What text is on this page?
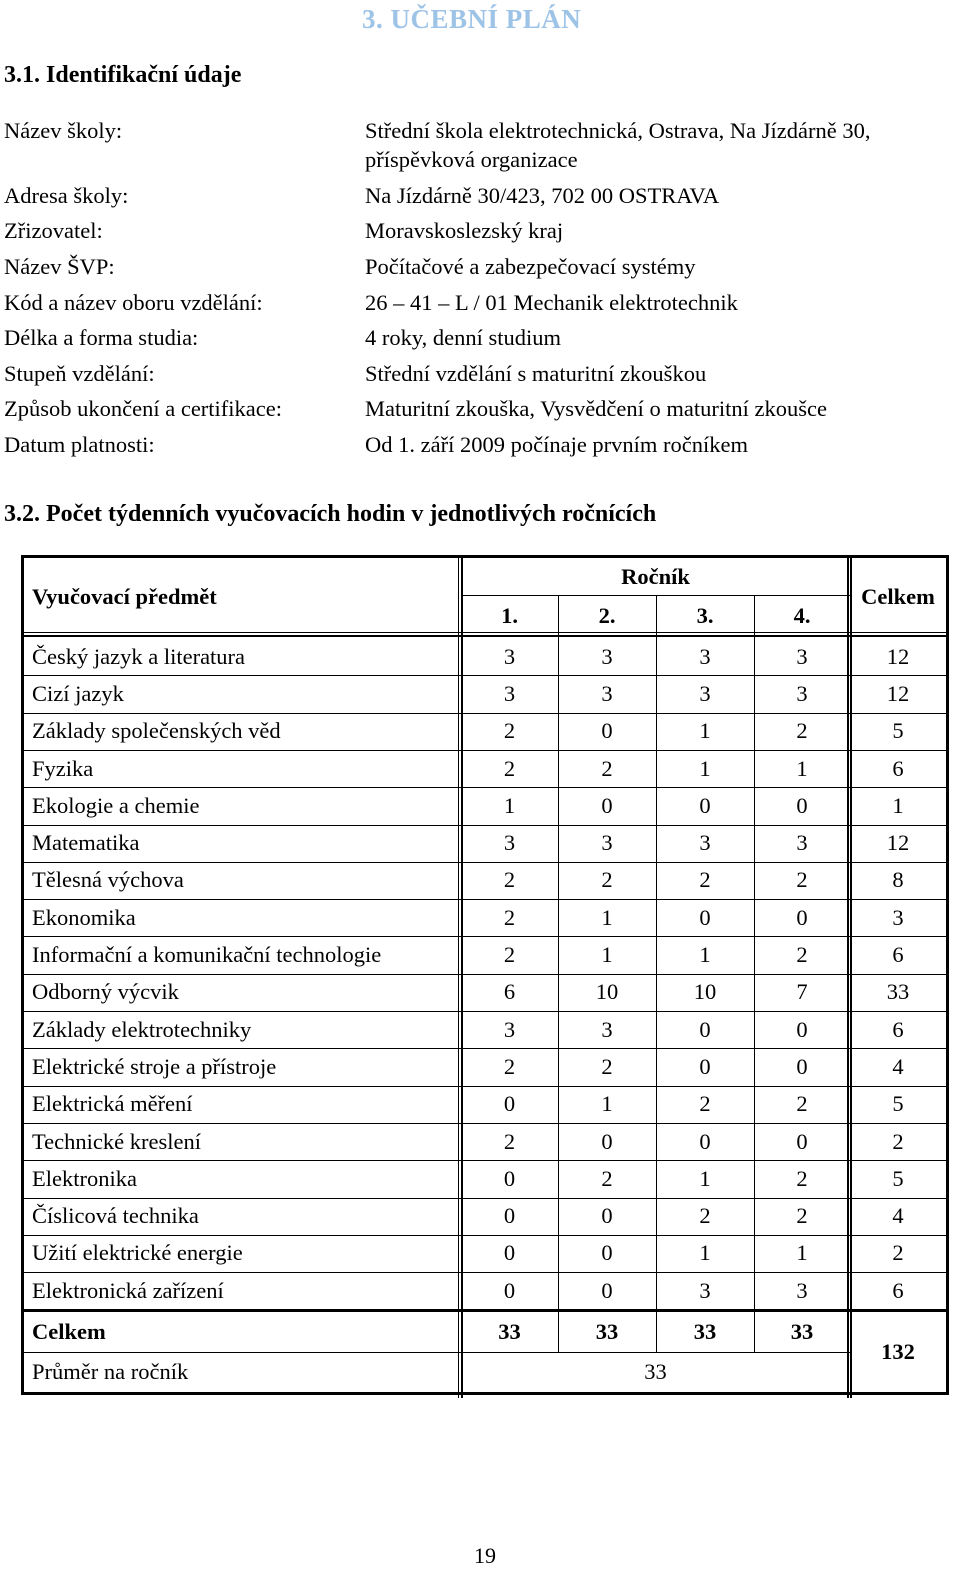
3. UČEBNÍ PLÁN
3.1. Identifikační údaje
Název školy:	Střední škola elektrotechnická, Ostrava, Na Jízdárně 30, příspěvková organizace
Adresa školy:	Na Jízdárně 30/423, 702 00 OSTRAVA
Zřizovatel:	Moravskoslezský kraj
Název ŠVP:	Počítačové a zabezpečovací systémy
Kód a název oboru vzdělání:	26 – 41 – L / 01 Mechanik elektrotechnik
Délka a forma studia:	4 roky, denní studium
Stupeň vzdělání:	Střední vzdělání s maturitní zkouškou
Způsob ukončení a certifikace:	Maturitní zkouška, Vysvědčení o maturitní zkoušce
Datum platnosti:	Od 1. září 2009 počínaje prvním ročníkem
3.2. Počet týdenních vyučovacích hodin v jednotlivých ročnících
Vyučovací předmět
Ročník
1.	2.	3.	4.
Celkem
Český jazyk a literatura	3	3	3	3	12
Cizí jazyk	3	3	3	3	12
Základy společenských věd	2	0	1	2	5
Fyzika	2	2	1	1	6
Ekologie a chemie	1	0	0	0	1
Matematika	3	3	3	3	12
Tělesná výchova	2	2	2	2	8
Ekonomika	2	1	0	0	3
Informační a komunikační technologie	2	1	1	2	6
Odborný výcvik	6	10	10	7	33
Základy elektrotechniky	3	3	0	0	6
Elektrické stroje a přístroje	2	2	0	0	4
Elektrická měření	0	1	2	2	5
Technické kreslení	2	0	0	0	2
Elektronika	0	2	1	2	5
Číslicová technika	0	0	2	2	4
Užití elektrické energie	0	0	1	1	2
Elektronická zařízení	0	0	3	3	6
Celkem	33	33	33	33
Průměr na ročník	33
132
19
